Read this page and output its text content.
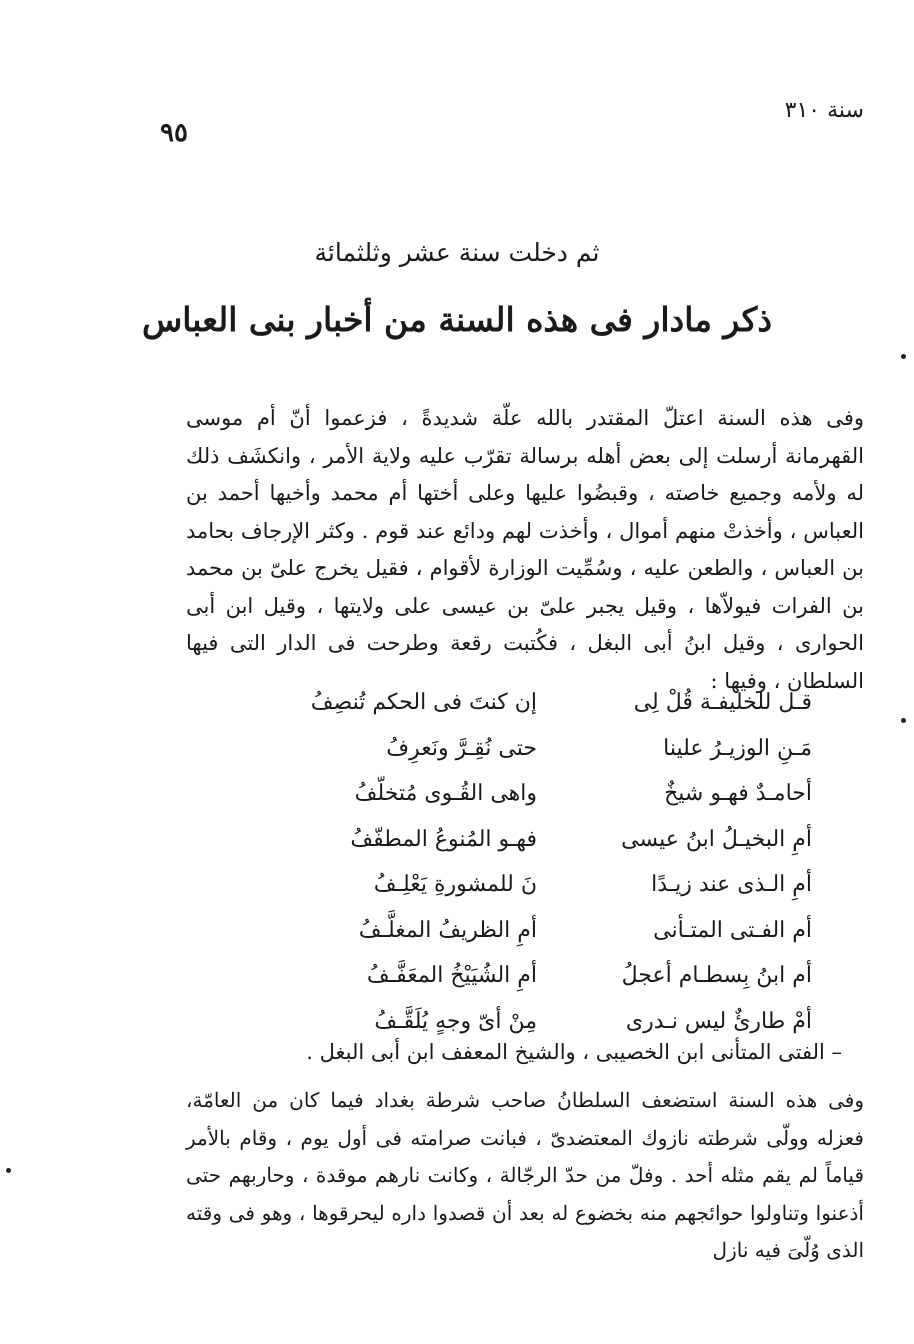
سنة ٣١٠
٩٥
ثم دخلت سنة عشر وثلثمائة
ذكر مادار فى هذه السنة من أخبار بنى العباس

وفى هذه السنة اعتلّ المقتدر بالله علّة شديدةً ، فزعموا أنّ أم موسى القهرمانة أرسلت إلى بعض أهله برسالة تقرّب عليه ولاية الأمر ، وانكشَف ذلك له ولأمه وجميع خاصته ، وقبضُوا عليها وعلى أختها أم محمد وأخيها أحمد بن العباس ، وأخذتْ منهم أموال ، وأخذت لهم ودائع عند قوم . وكثر الإرجاف بحامد بن العباس ، والطعن عليه ، وسُمِّيت الوزارة لأقوام ، فقيل يخرج علىّ بن محمد بن الفرات فيولاّها ، وقيل يجبر علىّ بن عيسى على ولايتها ، وقيل ابن أبى الحوارى ، وقيل ابنُ أبى البغل ، فكُتبت رقعة وطرحت فى الدار التى فيها السلطان ، وفيها :

قـل للخليفـة قُلْ لِى
إن كنتَ فى الحكم تُنصِفُ
مَـنِ الوزيـرُ علينا
حتى نُقِـرَّ ونَعرِفُ
أحامـدٌ فهـو شيخٌ
واهى القُـوى مُتخلّفُ
أمِ البخيـلُ ابنُ عيسى
فهـو المُنوعُ المطفّفُ
أمِ الـذى عند زيـدًا
نَ للمشورةِ يَعْلِـفُ
أم الفـتى المتـأنى
أمِ الظريفُ المغلَّـفُ
أم ابنُ بِسطـام أعجلُ
أمِ الشُيَيْخُ المعَفَّـفُ
أمْ طارئٌ ليس نـدرى
مِنْ أىّ وجهٍ يُلَقَّـفُ
– الفتى المتأنى ابن الخصيبى ، والشيخ المعفف ابن أبى البغل .

وفى هذه السنة استضعف السلطانُ صاحب شرطة بغداد فيما كان من العامّة، فعزله وولّى شرطته نازوك المعتضدىّ ، فبانت صرامته فى أول يوم ، وقام بالأمر قياماً لم يقم مثله أحد . وفلّ من حدّ الرجّالة ، وكانت نارهم موقدة ، وحاربهم حتى أذعنوا وتناولوا حوائجهم منه بخضوع له بعد أن قصدوا داره ليحرقوها ، وهو فى وقته الذى وُلّىَ فيه نازل
